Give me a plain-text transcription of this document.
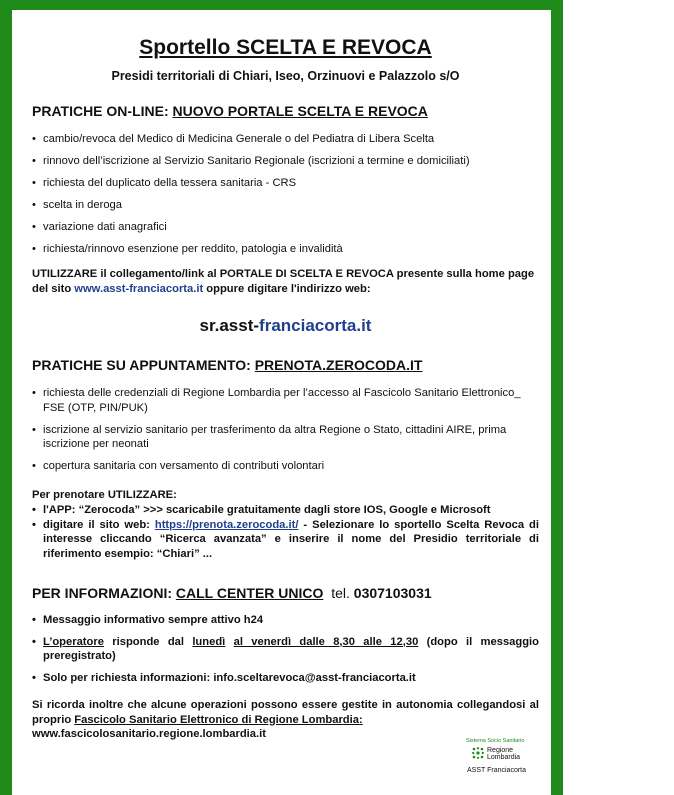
Sportello SCELTA E REVOCA
Presidi territoriali di Chiari, Iseo, Orzinuovi e Palazzolo s/O
PRATICHE ON-LINE: NUOVO PORTALE SCELTA E REVOCA
• cambio/revoca del Medico di Medicina Generale o del Pediatra di Libera Scelta
• rinnovo dell’iscrizione al Servizio Sanitario Regionale (iscrizioni a termine e domiciliati)
• richiesta del duplicato della tessera sanitaria - CRS
• scelta in deroga
• variazione dati anagrafici
• richiesta/rinnovo esenzione per reddito, patologia e invalidità
UTILIZZARE il collegamento/link al PORTALE DI SCELTA E REVOCA presente sulla home page del sito www.asst-franciacorta.it oppure digitare l'indirizzo web:
sr.asst-franciacorta.it
PRATICHE SU APPUNTAMENTO: PRENOTA.ZEROCODA.IT
• richiesta delle credenziali di Regione Lombardia per l’accesso al Fascicolo Sanitario Elettronico_ FSE (OTP, PIN/PUK)
• iscrizione al servizio sanitario per trasferimento da altra Regione o Stato, cittadini AIRE, prima iscrizione per neonati
• copertura sanitaria con versamento di contributi volontari
Per prenotare UTILIZZARE:
• l'APP: “Zerocoda” >>> scaricabile gratuitamente dagli store IOS, Google e Microsoft
• digitare il sito web: https://prenota.zerocoda.it/ - Selezionare lo sportello Scelta Revoca di interesse cliccando “Ricerca avanzata” e inserire il nome del Presidio territoriale di riferimento esempio: “Chiari” ...
PER INFORMAZIONI: CALL CENTER UNICO tel. 0307103031
• Messaggio informativo sempre attivo h24
• L’operatore risponde dal lunedì al venerdì dalle 8,30 alle 12,30 (dopo il messaggio preregistrato)
• Solo per richiesta informazioni: info.sceltarevoca@asst-franciacorta.it
Si ricorda inoltre che alcune operazioni possono essere gestite in autonomia collegandosi al proprio Fascicolo Sanitario Elettronico di Regione Lombardia:
www.fascicolosanitario.regione.lombardia.it
Sistema Socio Sanitario
Regione
Lombardia
ASST Franciacorta
